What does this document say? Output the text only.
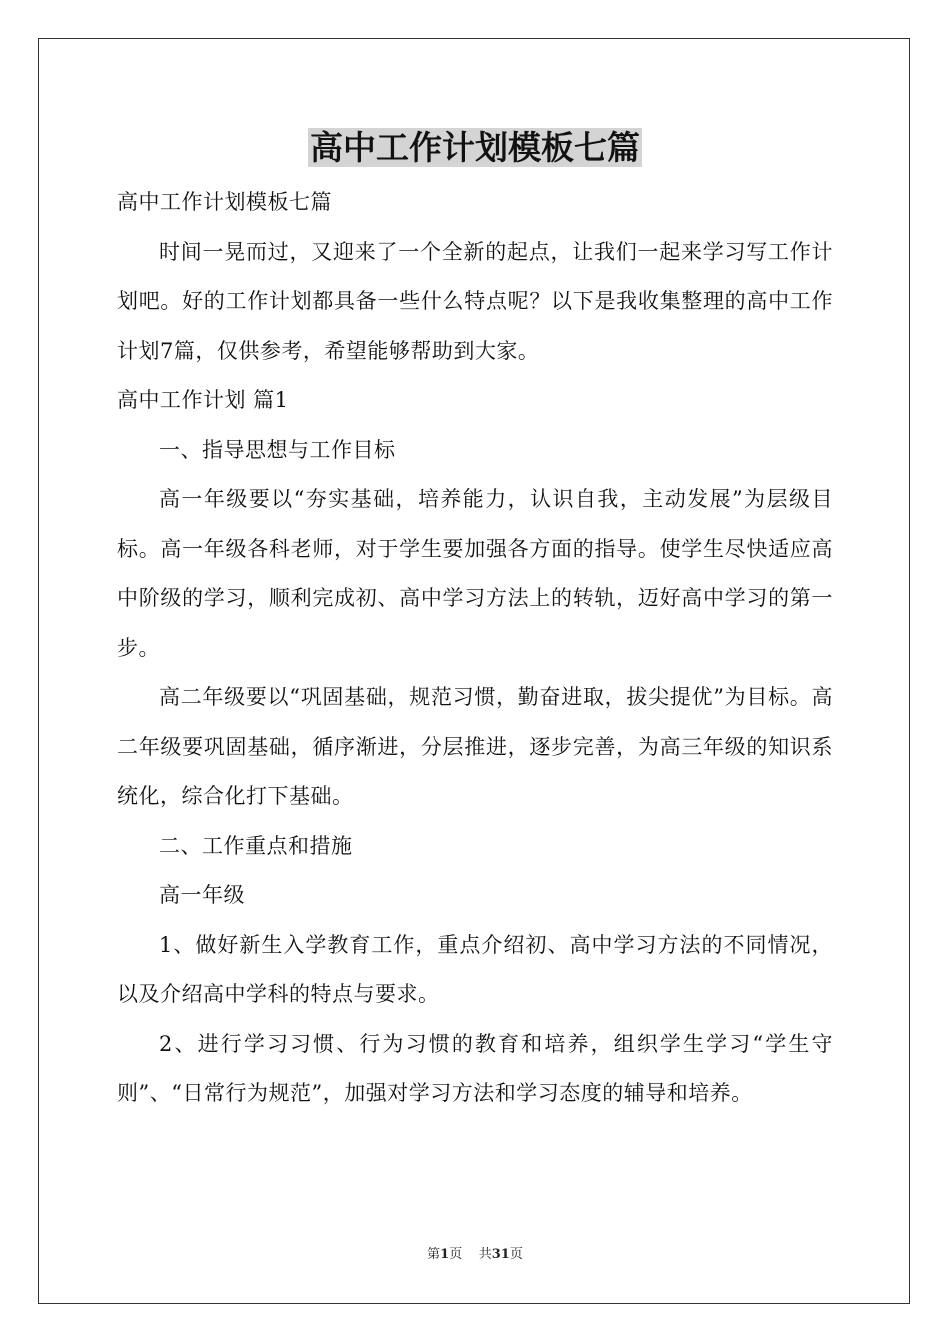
高中工作计划模板七篇

高中工作计划模板七篇

时间一晃而过，又迎来了一个全新的起点，让我们一起来学习写工作计划吧。好的工作计划都具备一些什么特点呢？以下是我收集整理的高中工作计划7篇，仅供参考，希望能够帮助到大家。

高中工作计划 篇1

一、指导思想与工作目标

高一年级要以“夯实基础，培养能力，认识自我，主动发展”为层级目标。高一年级各科老师，对于学生要加强各方面的指导。使学生尽快适应高中阶级的学习，顺利完成初、高中学习方法上的转轨，迈好高中学习的第一步。

高二年级要以“巩固基础，规范习惯，勤奋进取，拔尖提优”为目标。高二年级要巩固基础，循序渐进，分层推进，逐步完善，为高三年级的知识系统化，综合化打下基础。

二、工作重点和措施

高一年级

1、做好新生入学教育工作，重点介绍初、高中学习方法的不同情况，以及介绍高中学科的特点与要求。

2、进行学习习惯、行为习惯的教育和培养，组织学生学习“学生守则”、“日常行为规范”，加强对学习方法和学习态度的辅导和培养。

第1页 共31页
